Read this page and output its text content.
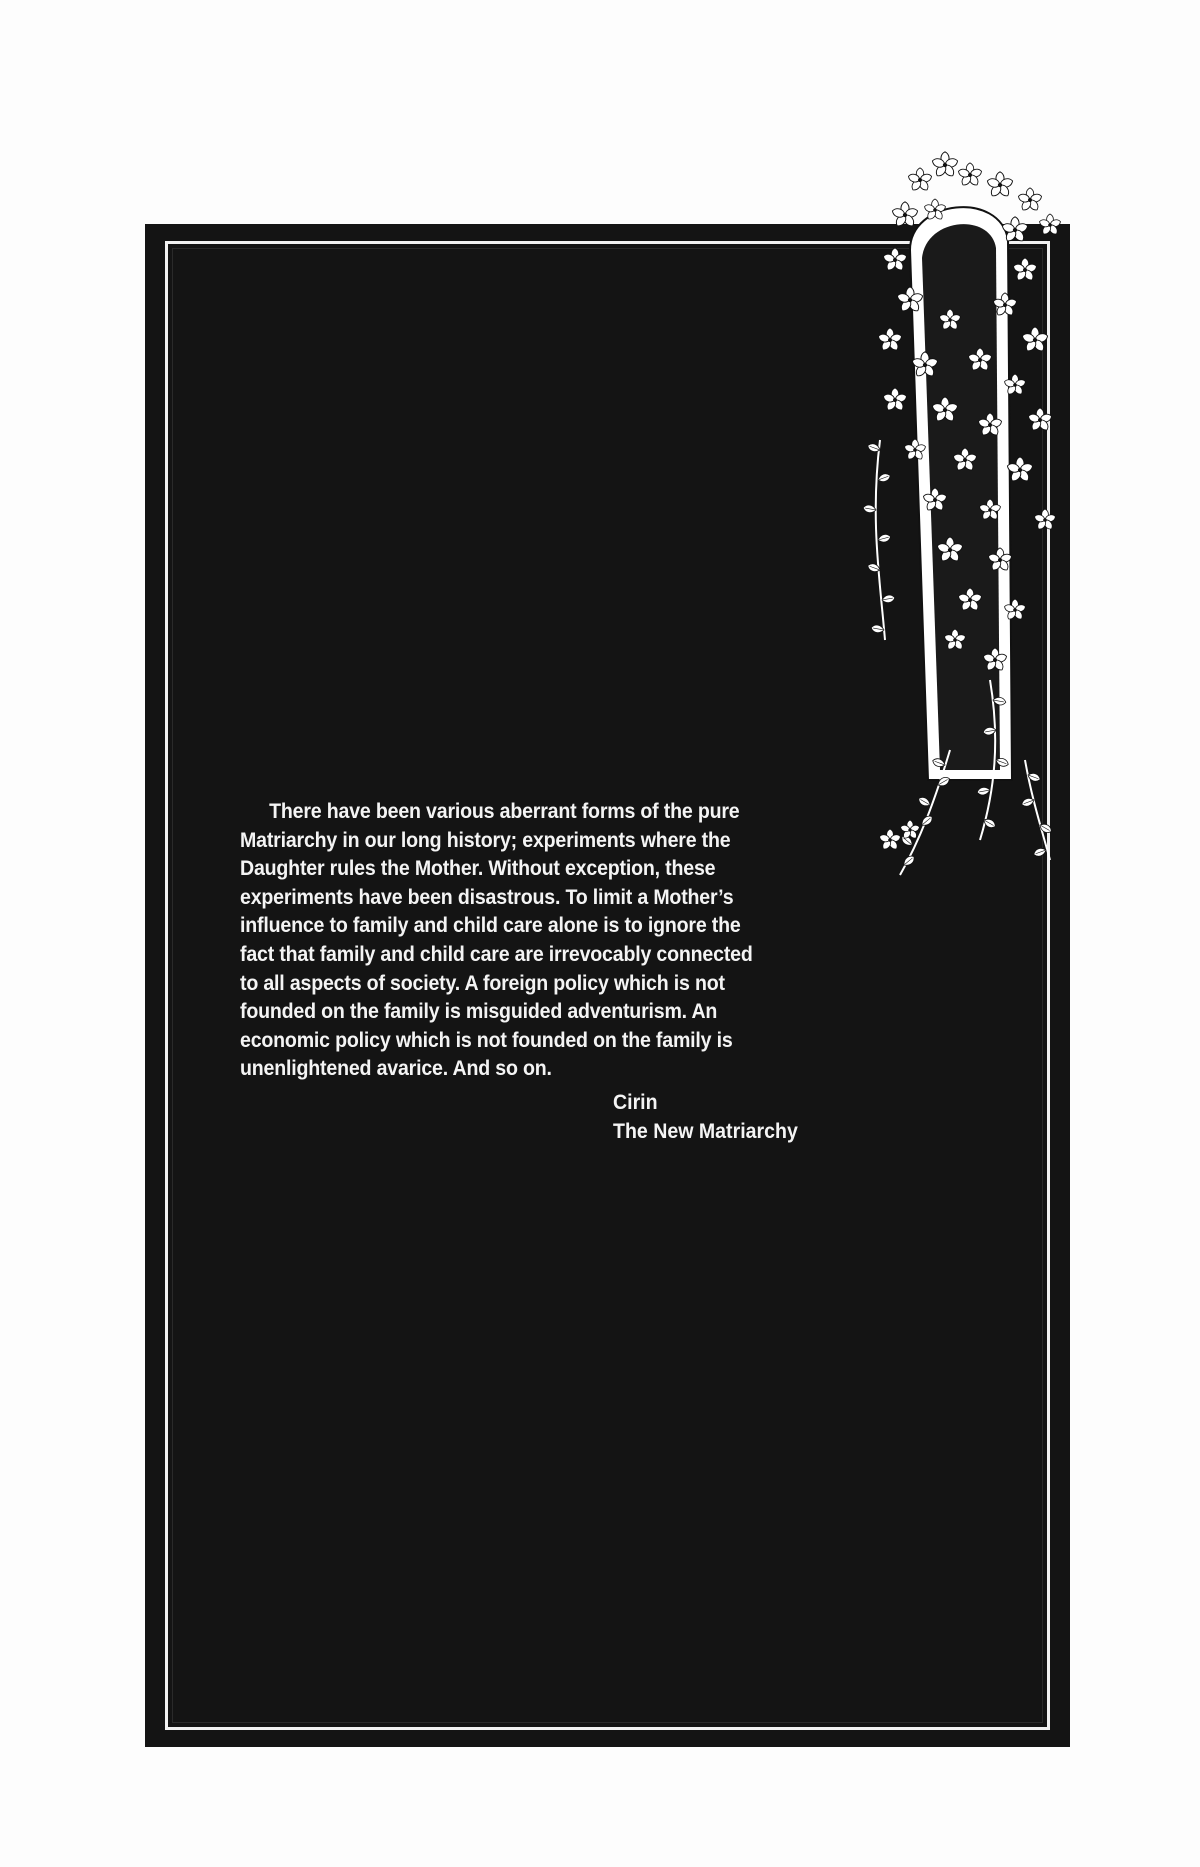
There have been various aberrant forms of the pure
Matriarchy in our long history; experiments where the
Daughter rules the Mother. Without exception, these
experiments have been disastrous. To limit a Mother’s
influence to family and child care alone is to ignore the
fact that family and child care are irrevocably connected
to all aspects of society. A foreign policy which is not
founded on the family is misguided adventurism. An
economic policy which is not founded on the family is
unenlightened avarice. And so on.
Cirin
The New Matriarchy
